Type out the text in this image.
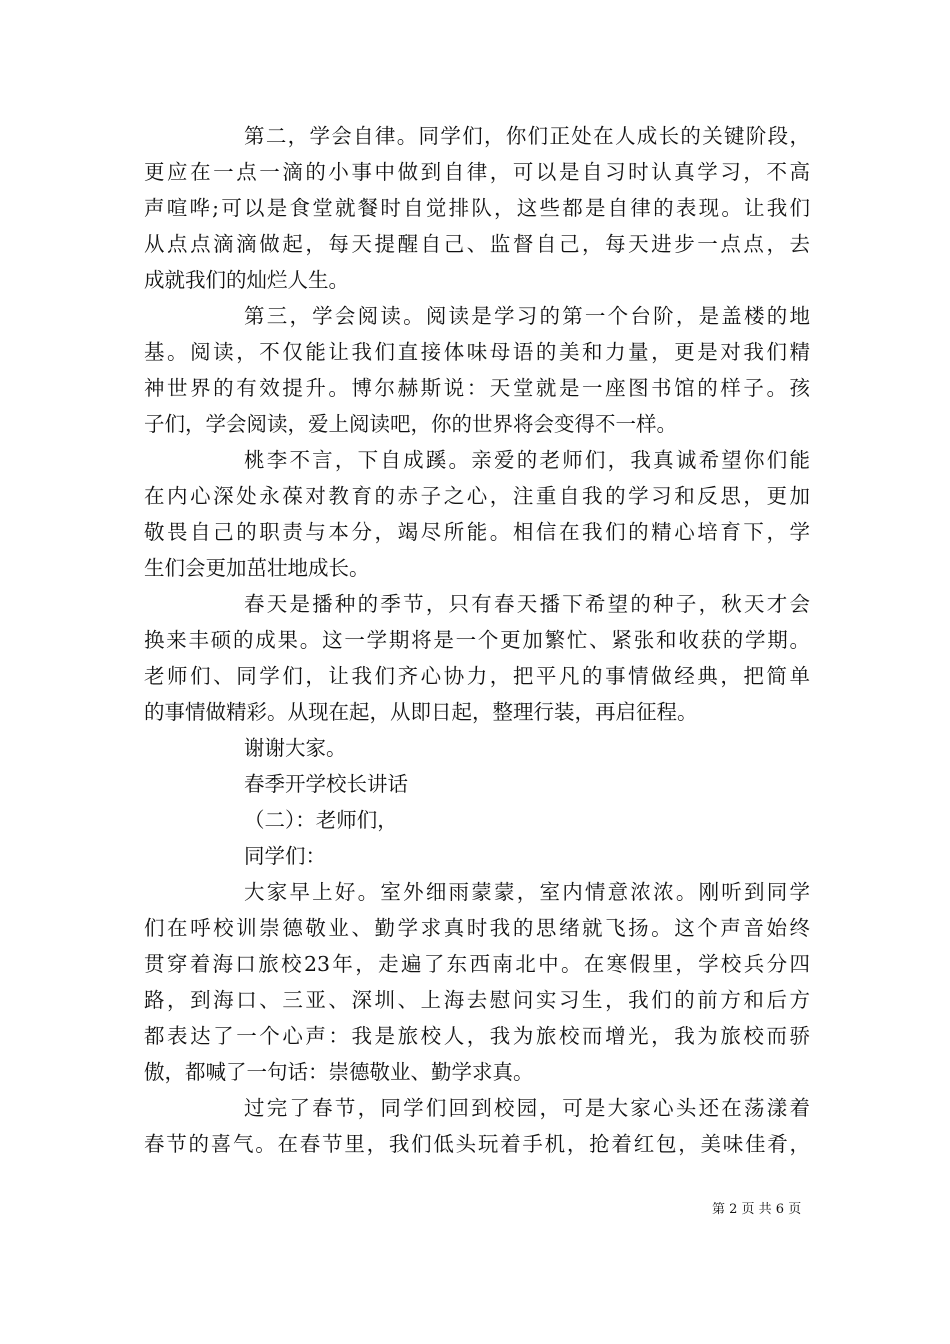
第二，学会自律。同学们，你们正处在人成长的关键阶段，
更应在一点一滴的小事中做到自律，可以是自习时认真学习，不高
声喧哗;可以是食堂就餐时自觉排队，这些都是自律的表现。让我们
从点点滴滴做起，每天提醒自己、监督自己，每天进步一点点，去
成就我们的灿烂人生。
第三，学会阅读。阅读是学习的第一个台阶，是盖楼的地
基。阅读，不仅能让我们直接体味母语的美和力量，更是对我们精
神世界的有效提升。博尔赫斯说：天堂就是一座图书馆的样子。孩
子们，学会阅读，爱上阅读吧，你的世界将会变得不一样。
桃李不言，下自成蹊。亲爱的老师们，我真诚希望你们能
在内心深处永葆对教育的赤子之心，注重自我的学习和反思，更加
敬畏自己的职责与本分，竭尽所能。相信在我们的精心培育下，学
生们会更加茁壮地成长。
春天是播种的季节，只有春天播下希望的种子，秋天才会
换来丰硕的成果。这一学期将是一个更加繁忙、紧张和收获的学期。
老师们、同学们，让我们齐心协力，把平凡的事情做经典，把简单
的事情做精彩。从现在起，从即日起，整理行装，再启征程。
谢谢大家。
春季开学校长讲话
（二）：老师们，
同学们：
大家早上好。室外细雨蒙蒙，室内情意浓浓。刚听到同学
们在呼校训崇德敬业、勤学求真时我的思绪就飞扬。这个声音始终
贯穿着海口旅校23年，走遍了东西南北中。在寒假里，学校兵分四
路，到海口、三亚、深圳、上海去慰问实习生，我们的前方和后方
都表达了一个心声：我是旅校人，我为旅校而增光，我为旅校而骄
傲，都喊了一句话：崇德敬业、勤学求真。
过完了春节，同学们回到校园，可是大家心头还在荡漾着
春节的喜气。在春节里，我们低头玩着手机，抢着红包，美味佳肴，
第 2 页 共 6 页
